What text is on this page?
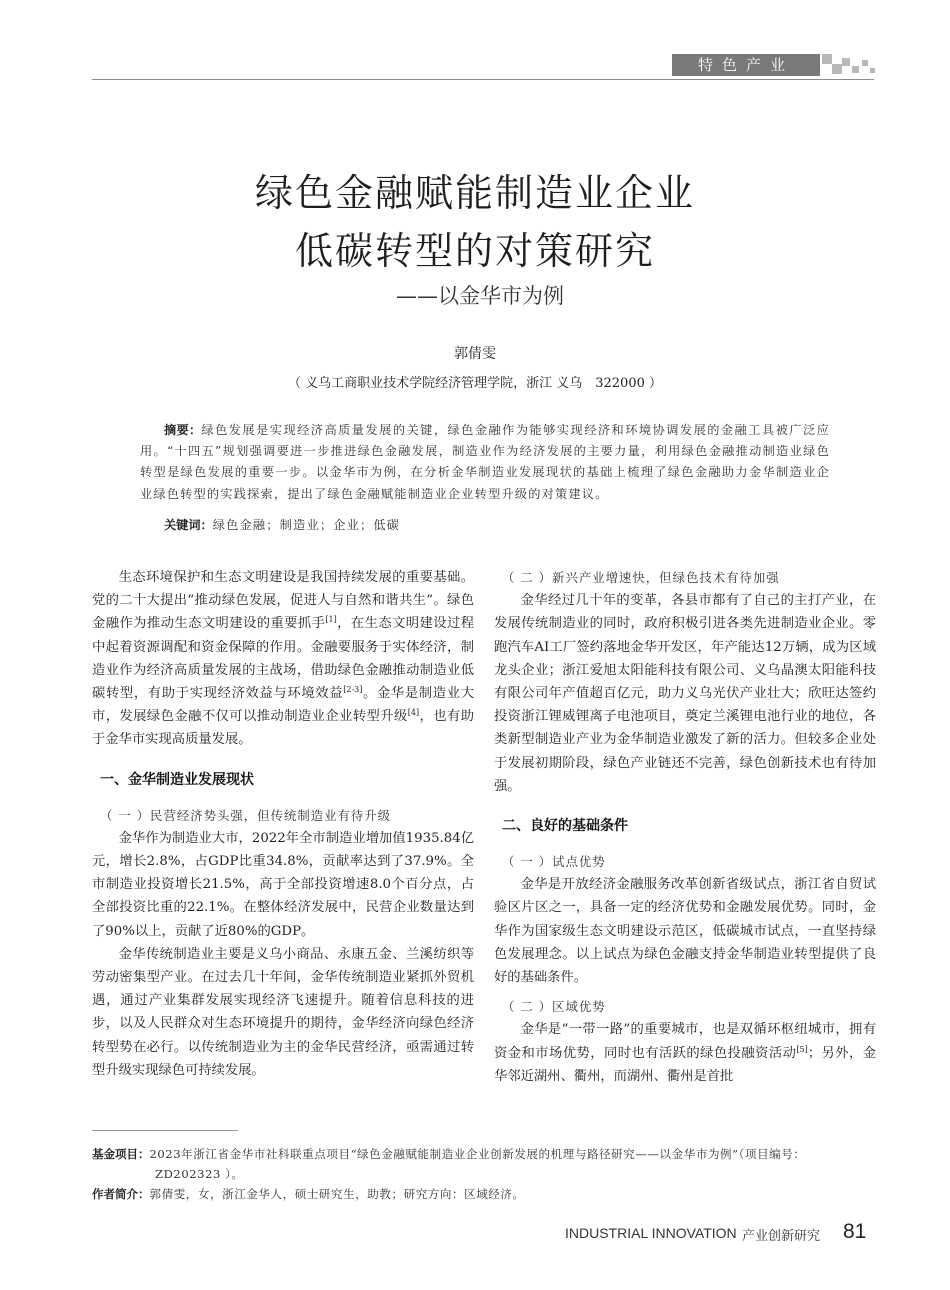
特色产业
绿色金融赋能制造业企业
低碳转型的对策研究
——以金华市为例
郭倩雯
（ 义乌工商职业技术学院经济管理学院，浙江 义乌　322000 ）

摘要：绿色发展是实现经济高质量发展的关键，绿色金融作为能够实现经济和环境协调发展的金融工具被广泛应用。“十四五”规划强调要进一步推进绿色金融发展，制造业作为经济发展的主要力量，利用绿色金融推动制造业绿色转型是绿色发展的重要一步。以金华市为例，在分析金华制造业发展现状的基础上梳理了绿色金融助力金华制造业企业绿色转型的实践探索，提出了绿色金融赋能制造业企业转型升级的对策建议。

关键词：绿色金融；制造业；企业；低碳

生态环境保护和生态文明建设是我国持续发展的重要基础。党的二十大提出“推动绿色发展，促进人与自然和谐共生”。绿色金融作为推动生态文明建设的重要抓手[1]，在生态文明建设过程中起着资源调配和资金保障的作用。金融要服务于实体经济，制造业作为经济高质量发展的主战场，借助绿色金融推动制造业低碳转型，有助于实现经济效益与环境效益[2-3]。金华是制造业大市，发展绿色金融不仅可以推动制造业企业转型升级[4]，也有助于金华市实现高质量发展。

一、金华制造业发展现状
（ 一 ）民营经济势头强，但传统制造业有待升级

金华作为制造业大市，2022年全市制造业增加值1935.84亿元，增长2.8%，占GDP比重34.8%，贡献率达到了37.9%。全市制造业投资增长21.5%，高于全部投资增速8.0个百分点，占全部投资比重的22.1%。在整体经济发展中，民营企业数量达到了90%以上，贡献了近80%的GDP。

金华传统制造业主要是义乌小商品、永康五金、兰溪纺织等劳动密集型产业。在过去几十年间，金华传统制造业紧抓外贸机遇，通过产业集群发展实现经济飞速提升。随着信息科技的进步，以及人民群众对生态环境提升的期待，金华经济向绿色经济转型势在必行。以传统制造业为主的金华民营经济，亟需通过转型升级实现绿色可持续发展。

（ 二 ）新兴产业增速快，但绿色技术有待加强

金华经过几十年的变革，各县市都有了自己的主打产业，在发展传统制造业的同时，政府积极引进各类先进制造业企业。零跑汽车AI工厂签约落地金华开发区，年产能达12万辆，成为区域龙头企业；浙江爱旭太阳能科技有限公司、义乌晶澳太阳能科技有限公司年产值超百亿元，助力义乌光伏产业壮大；欣旺达签约投资浙江锂威锂离子电池项目，奠定兰溪锂电池行业的地位，各类新型制造业产业为金华制造业激发了新的活力。但较多企业处于发展初期阶段，绿色产业链还不完善，绿色创新技术也有待加强。

二、良好的基础条件
（ 一 ）试点优势

金华是开放经济金融服务改革创新省级试点，浙江省自贸试验区片区之一，具备一定的经济优势和金融发展优势。同时，金华作为国家级生态文明建设示范区，低碳城市试点，一直坚持绿色发展理念。以上试点为绿色金融支持金华制造业转型提供了良好的基础条件。

（ 二 ）区域优势

金华是“一带一路”的重要城市，也是双循环枢纽城市，拥有资金和市场优势，同时也有活跃的绿色投融资活动[5]；另外，金华邻近湖州、衢州，而湖州、衢州是首批

基金项目：2023年浙江省金华市社科联重点项目“绿色金融赋能制造业企业创新发展的机理与路径研究——以金华市为例”（项目编号：
ZD202323 ）。
作者简介：郭倩雯，女，浙江金华人，硕士研究生，助教；研究方向：区域经济。
INDUSTRIAL INNOVATION 产业创新研究 81
